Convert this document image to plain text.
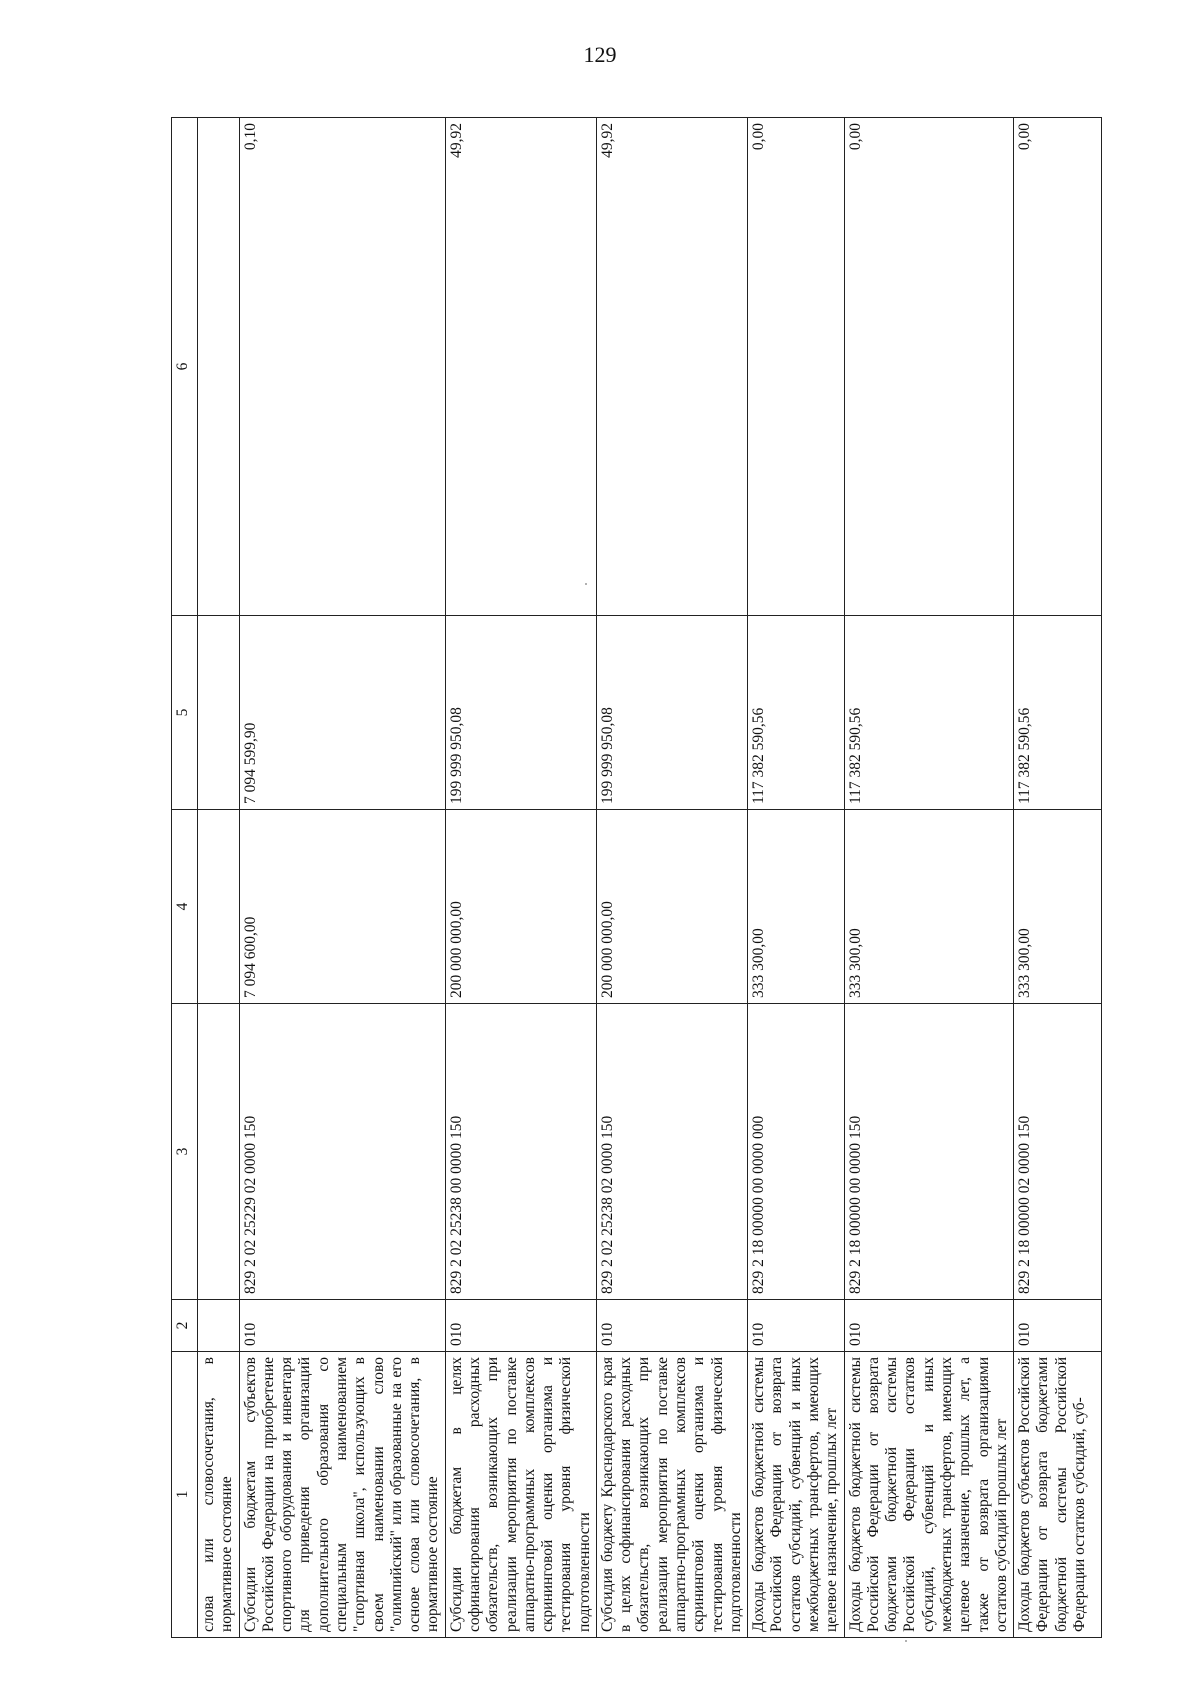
129
1	2	3	4	5	6
слова или словосочетания, в нормативное состояние					
Субсидии бюджетам субъектов Российской Федерации на приобретение спортивного оборудования и инвентаря для приведения организаций дополнительного образования со специальным наименованием "спортивная школа", использующих в своем наименовании слово "олимпийский" или образованные на его основе слова или словосочетания, в нормативное состояние	010	829 2 02 25229 02 0000 150	7 094 600,00	7 094 599,90	0,10
Субсидии бюджетам в целях софинансирования расходных обязательств, возникающих при реализации мероприятия по поставке аппаратно-программных комплексов скрининговой оценки организма и тестирования уровня физической подготовленности	010	829 2 02 25238 00 0000 150	200 000 000,00	199 999 950,08	49,92
Субсидия бюджету Краснодарского края в целях софинансирования расходных обязательств, возникающих при реализации мероприятия по поставке аппаратно-программных комплексов скрининговой оценки организма и тестирования уровня физической подготовленности	010	829 2 02 25238 02 0000 150	200 000 000,00	199 999 950,08	49,92
Доходы бюджетов бюджетной системы Российской Федерации от возврата остатков субсидий, субвенций и иных межбюджетных трансфертов, имеющих целевое назначение, прошлых лет	010	829 2 18 00000 00 0000 000	333 300,00	117 382 590,56	0,00
Доходы бюджетов бюджетной системы Российской Федерации от возврата бюджетами бюджетной системы Российской Федерации остатков субсидий, субвенций и иных межбюджетных трансфертов, имеющих целевое назначение, прошлых лет, а также от возврата организациями остатков субсидий прошлых лет	010	829 2 18 00000 00 0000 150	333 300,00	117 382 590,56	0,00
Доходы бюджетов субъектов Российской Федерации от возврата бюджетами бюджетной системы Российской Федерации остатков субсидий, суб-	010	829 2 18 00000 02 0000 150	333 300,00	117 382 590,56	0,00
